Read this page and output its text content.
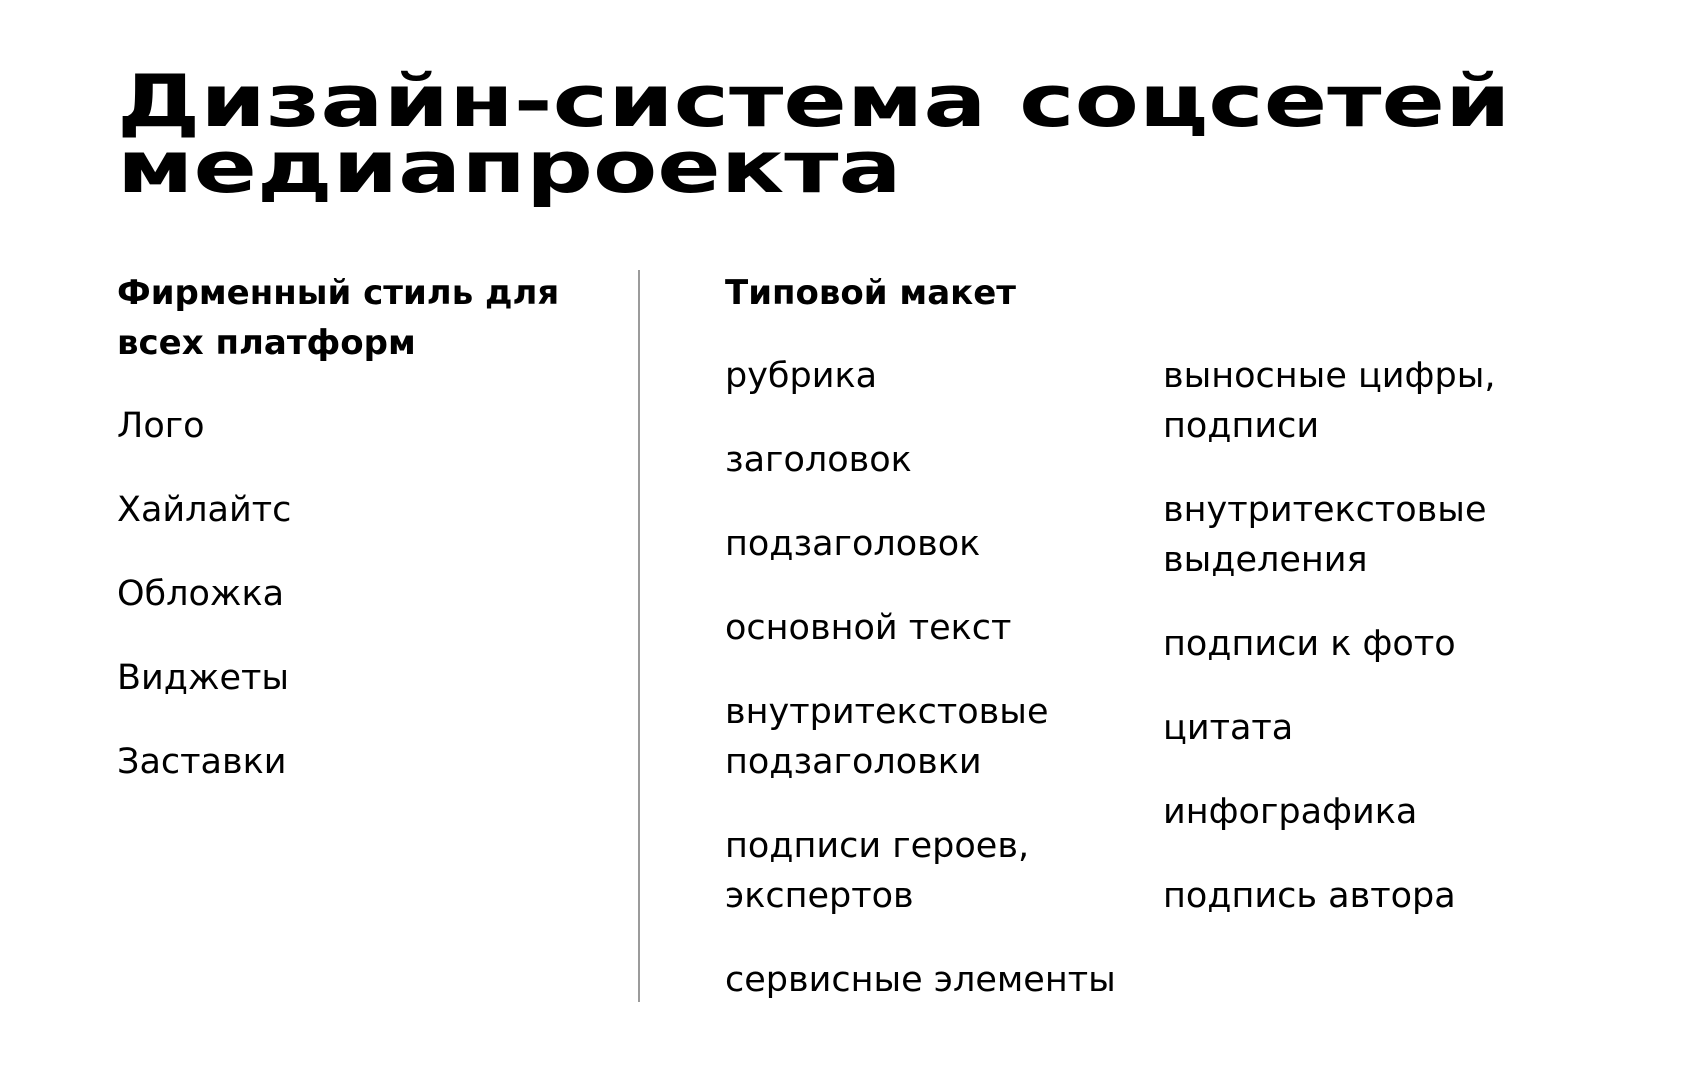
Дизайн-система соцсетей
медиапроекта

Фирменный стиль для всех платформ

Лого

Хайлайтс

Обложка

Виджеты

Заставки

Типовой макет

рубрика

заголовок

подзаголовок

основной текст

внутритекстовые подзаголовки

подписи героев, экспертов

сервисные элементы

выносные цифры, подписи

внутритекстовые выделения

подписи к фото

цитата

инфографика

подпись автора
